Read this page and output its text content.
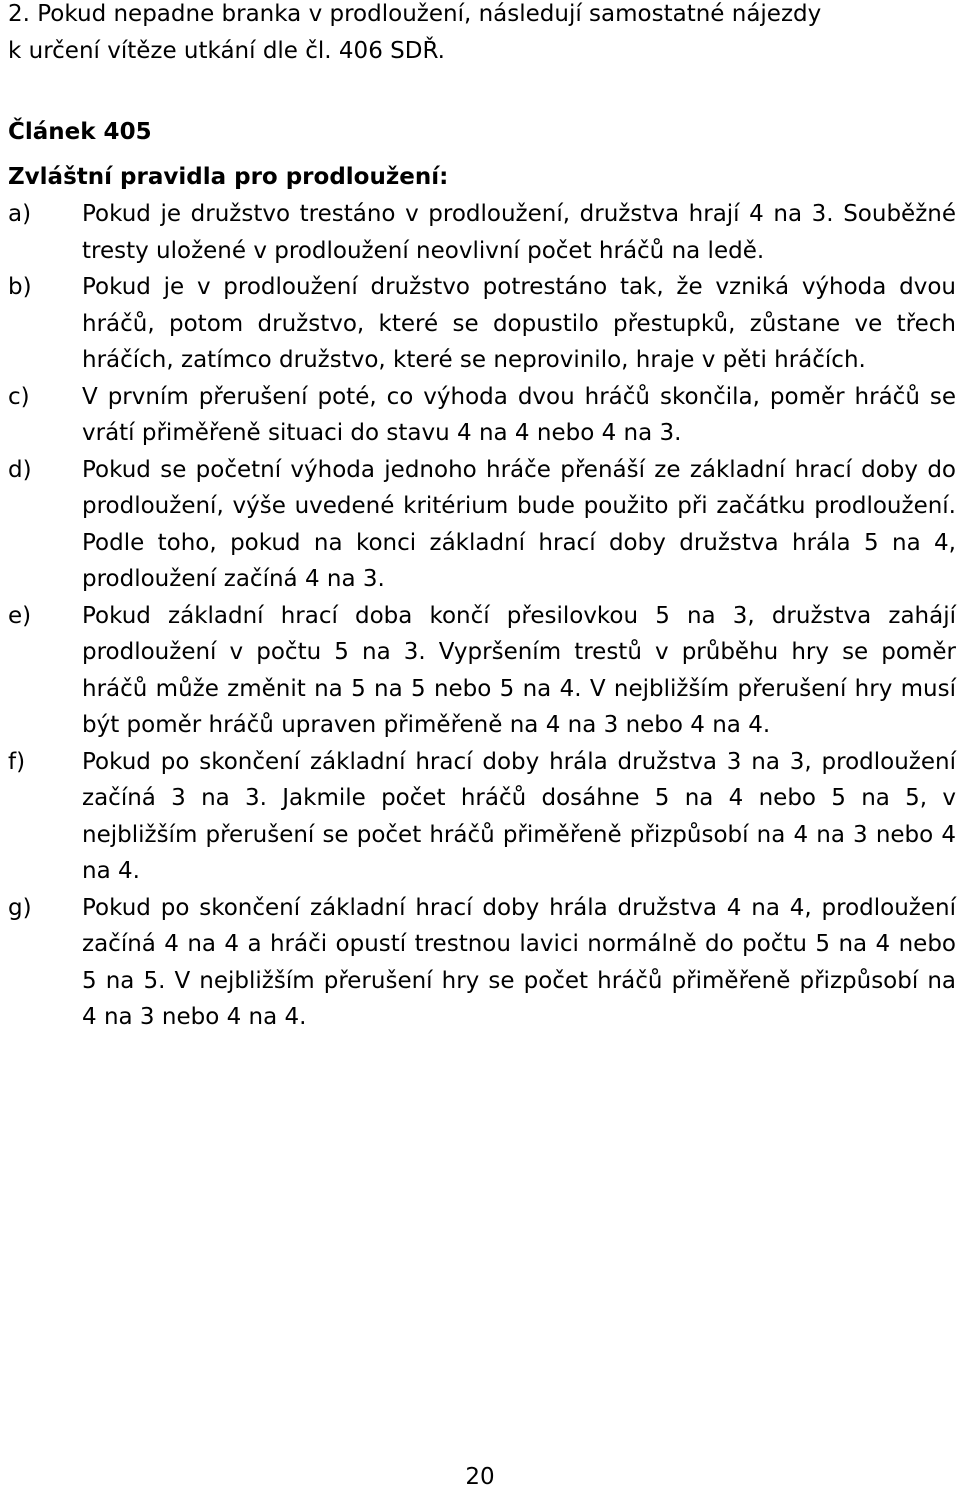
2. Pokud nepadne branka v prodloužení, následují samostatné nájezdy
k určení vítěze utkání dle čl. 406 SDŘ.

Článek 405
Zvláštní pravidla pro prodloužení:
a) Pokud je družstvo trestáno v prodloužení, družstva hrají 4 na 3. Souběžné tresty uložené v prodloužení neovlivní počet hráčů na ledě.
b) Pokud je v prodloužení družstvo potrestáno tak, že vzniká výhoda dvou hráčů, potom družstvo, které se dopustilo přestupků, zůstane ve třech hráčích, zatímco družstvo, které se neprovinilo, hraje v pěti hráčích.
c) V prvním přerušení poté, co výhoda dvou hráčů skončila, poměr hráčů se vrátí přiměřeně situaci do stavu 4 na 4 nebo 4 na 3.
d) Pokud se početní výhoda jednoho hráče přenáší ze základní hrací doby do prodloužení, výše uvedené kritérium bude použito při začátku prodloužení. Podle toho, pokud na konci základní hrací doby družstva hrála 5 na 4, prodloužení začíná 4 na 3.
e) Pokud základní hrací doba končí přesilovkou 5 na 3, družstva zahájí prodloužení v počtu 5 na 3. Vypršením trestů v průběhu hry se poměr hráčů může změnit na 5 na 5 nebo 5 na 4. V nejbližším přerušení hry musí být poměr hráčů upraven přiměřeně na 4 na 3 nebo 4 na 4.
f) Pokud po skončení základní hrací doby hrála družstva 3 na 3, prodloužení začíná 3 na 3. Jakmile počet hráčů dosáhne 5 na 4 nebo 5 na 5, v nejbližším přerušení se počet hráčů přiměřeně přizpůsobí na 4 na 3 nebo 4 na 4.
g) Pokud po skončení základní hrací doby hrála družstva 4 na 4, prodloužení začíná 4 na 4 a hráči opustí trestnou lavici normálně do počtu 5 na 4 nebo 5 na 5. V nejbližším přerušení hry se počet hráčů přiměřeně přizpůsobí na 4 na 3 nebo 4 na 4.
20
